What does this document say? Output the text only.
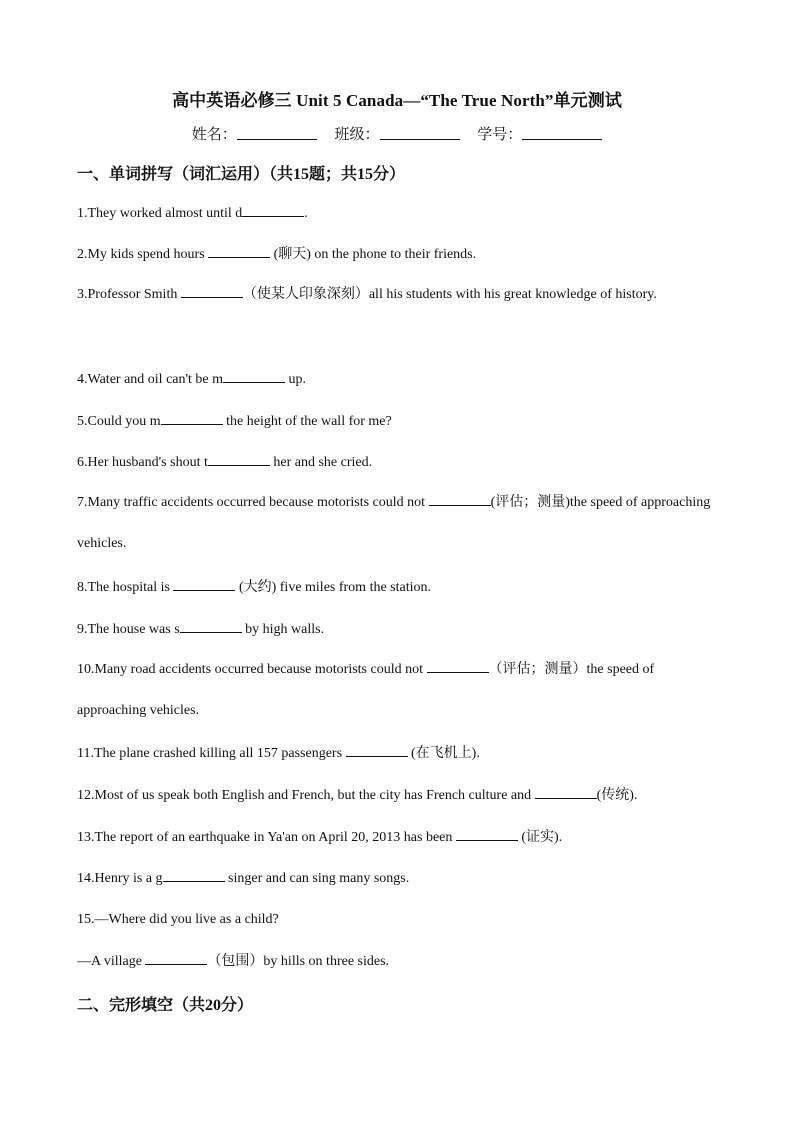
高中英语必修三 Unit 5 Canada—“The True North”单元测试
姓名：	班级：	学号：
一、单词拼写（词汇运用）（共15题；共15分）
1.They worked almost until d	.
2.My kids spend hours	(聊天) on the phone to their friends.
3.Professor Smith	（使某人印象深刻）all his students with his great knowledge of history.
4.Water and oil can't be m	up.
5.Could you m	the height of the wall for me?
6.Her husband's shout t	her and she cried.
7.Many traffic accidents occurred because motorists could not	(评估；测量)the speed of approaching vehicles.
8.The hospital is	(大约) five miles from the station.
9.The house was s	by high walls.
10.Many road accidents occurred because motorists could not	（评估；测量）the speed of approaching vehicles.
11.The plane crashed killing all 157 passengers	(在飞机上).
12.Most of us speak both English and French, but the city has French culture and	(传统).
13.The report of an earthquake in Ya'an on April 20, 2013 has been	(证实).
14.Henry is a g	singer and can sing many songs.
15.—Where did you live as a child?
—A village	（包围）by hills on three sides.
二、完形填空（共20分）
